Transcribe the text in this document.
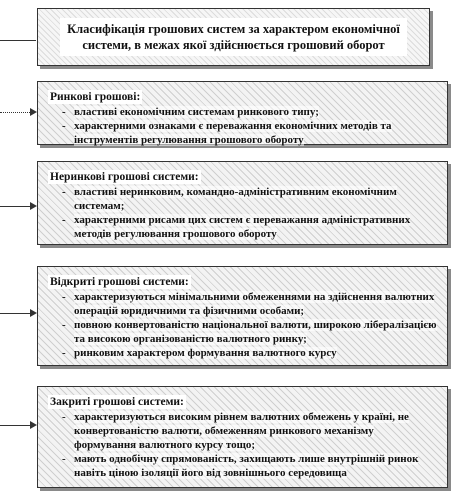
Класифікація грошових систем за характером економічної системи, в межах якої здійснюється грошовий оборот
Ринкові грошові:
- властиві економічним системам ринкового типу;
- характерними ознаками є переважання економічних методів та інструментів регулювання грошового обороту
Неринкові грошові системи:
- властиві неринковим, командно-адміністративним економічним системам;
- характерними рисами цих систем є переважання адміністративних методів регулювання грошового обороту
Відкриті грошові системи:
- характеризуються мінімальними обмеженнями на здійснення валютних операцій юридичними та фізичними особами;
- повною конвертованістю національної валюти, широкою лібералізацією та високою організованістю валютного ринку;
- ринковим характером формування валютного курсу
Закриті грошові системи:
- характеризуються високим рівнем валютних обмежень у країні, не конвертованістю валюти, обмеженням ринкового механізму формування валютного курсу тощо;
- мають однобічну спрямованість, захищають лише внутрішній ринок навіть ціною ізоляції його від зовнішнього середовища
